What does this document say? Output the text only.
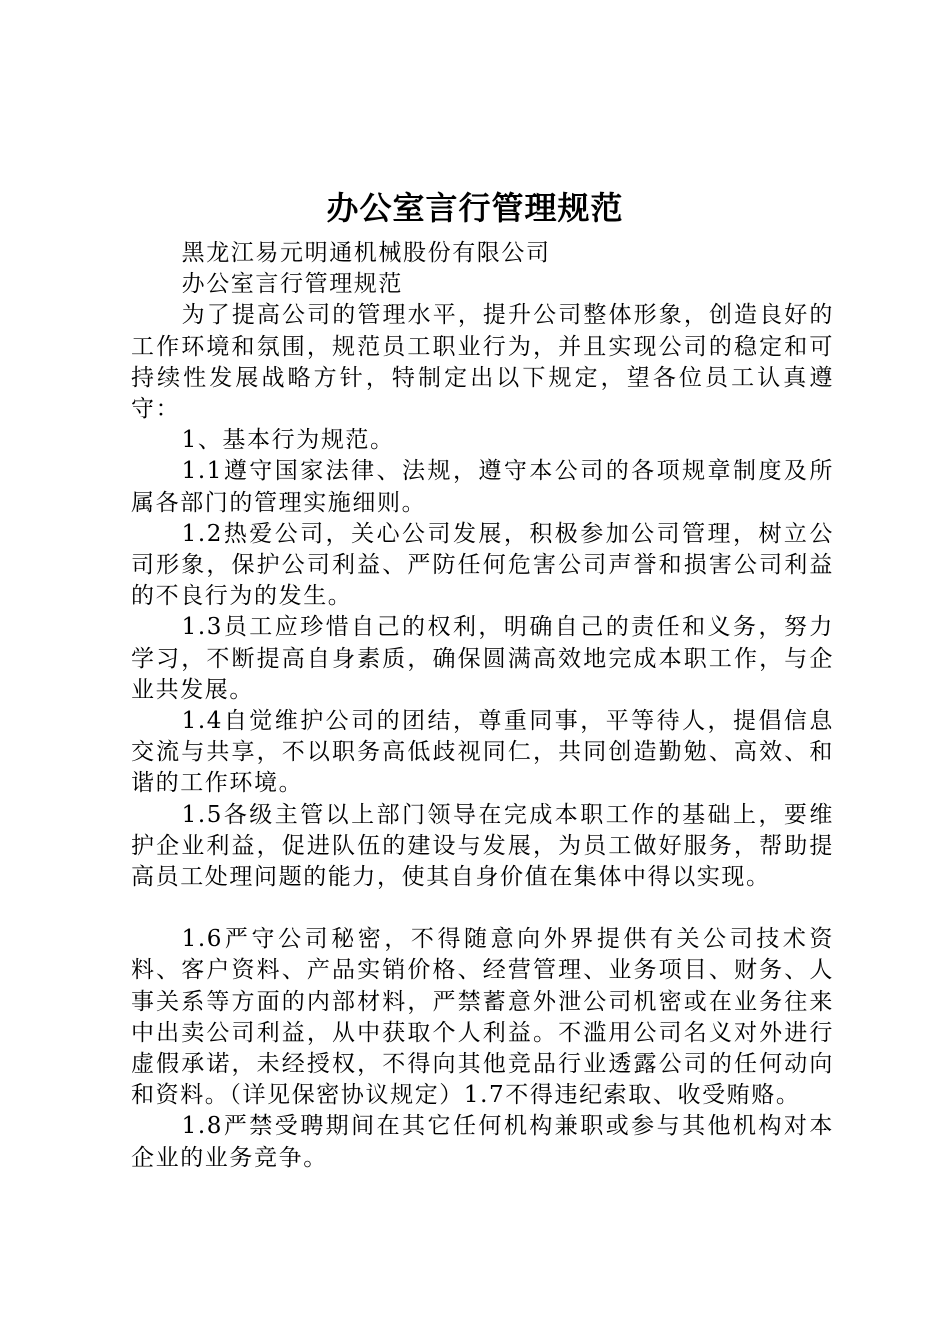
办公室言行管理规范

黑龙江易元明通机械股份有限公司

办公室言行管理规范

为了提高公司的管理水平，提升公司整体形象，创造良好的工作环境和氛围，规范员工职业行为，并且实现公司的稳定和可持续性发展战略方针，特制定出以下规定，望各位员工认真遵守：

1、基本行为规范。

1.1遵守国家法律、法规，遵守本公司的各项规章制度及所属各部门的管理实施细则。

1.2热爱公司，关心公司发展，积极参加公司管理，树立公司形象，保护公司利益、严防任何危害公司声誉和损害公司利益的不良行为的发生。

1.3员工应珍惜自己的权利，明确自己的责任和义务，努力学习，不断提高自身素质，确保圆满高效地完成本职工作，与企业共发展。

1.4自觉维护公司的团结，尊重同事，平等待人，提倡信息交流与共享，不以职务高低歧视同仁，共同创造勤勉、高效、和谐的工作环境。

1.5各级主管以上部门领导在完成本职工作的基础上，要维护企业利益，促进队伍的建设与发展，为员工做好服务，帮助提高员工处理问题的能力，使其自身价值在集体中得以实现。

1.6严守公司秘密，不得随意向外界提供有关公司技术资料、客户资料、产品实销价格、经营管理、业务项目、财务、人事关系等方面的内部材料，严禁蓄意外泄公司机密或在业务往来中出卖公司利益，从中获取个人利益。不滥用公司名义对外进行虚假承诺，未经授权，不得向其他竞品行业透露公司的任何动向和资料。（详见保密协议规定）1.7不得违纪索取、收受贿赂。

1.8严禁受聘期间在其它任何机构兼职或参与其他机构对本企业的业务竞争。
